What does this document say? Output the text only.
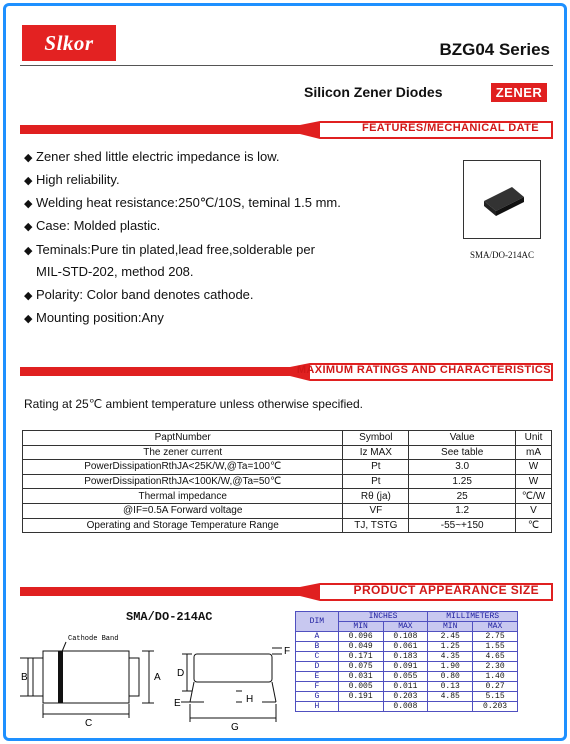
Slkor	BZG04 Series
Silicon Zener Diodes	ZENER
FEATURES/MECHANICAL DATE
◆ Zener shed little electric impedance is low.
◆ High reliability.
◆ Welding heat resistance:250℃/10S, teminal 1.5 mm.
◆ Case: Molded plastic.
◆ Teminals:Pure tin plated,lead free,solderable per
MIL-STD-202, method 208.
◆ Polarity: Color band denotes cathode.
◆ Mounting position:Any
SMA/DO-214AC
MAXIMUM RATINGS AND CHARACTERISTICS
Rating at 25℃ ambient temperature unless otherwise specified.
PaptNumber	Symbol	Value	Unit
The zener current	Iz MAX	See table	mA
PowerDissipationRthJA<25K/W,@Ta=100℃	Pt	3.0	W
PowerDissipationRthJA<100K/W,@Ta=50℃	Pt	1.25	W
Thermal impedance	Rθ (ja)	25	℃/W
@IF=0.5A Forward voltage	VF	1.2	V
Operating and Storage Temperature Range	TJ, TSTG	-55~+150	℃
PRODUCT APPEARANCE SIZE
SMA/DO-214AC
Cathode Band
A
B
C
D
E
F
G
H
DIM	INCHES		MILLIMETERS	
	MIN	MAX	MIN	MAX
A	0.096	0.108	2.45	2.75
B	0.049	0.061	1.25	1.55
C	0.171	0.183	4.35	4.65
D	0.075	0.091	1.90	2.30
E	0.031	0.055	0.80	1.40
F	0.005	0.011	0.13	0.27
G	0.191	0.203	4.85	5.15
H		0.008		0.203
